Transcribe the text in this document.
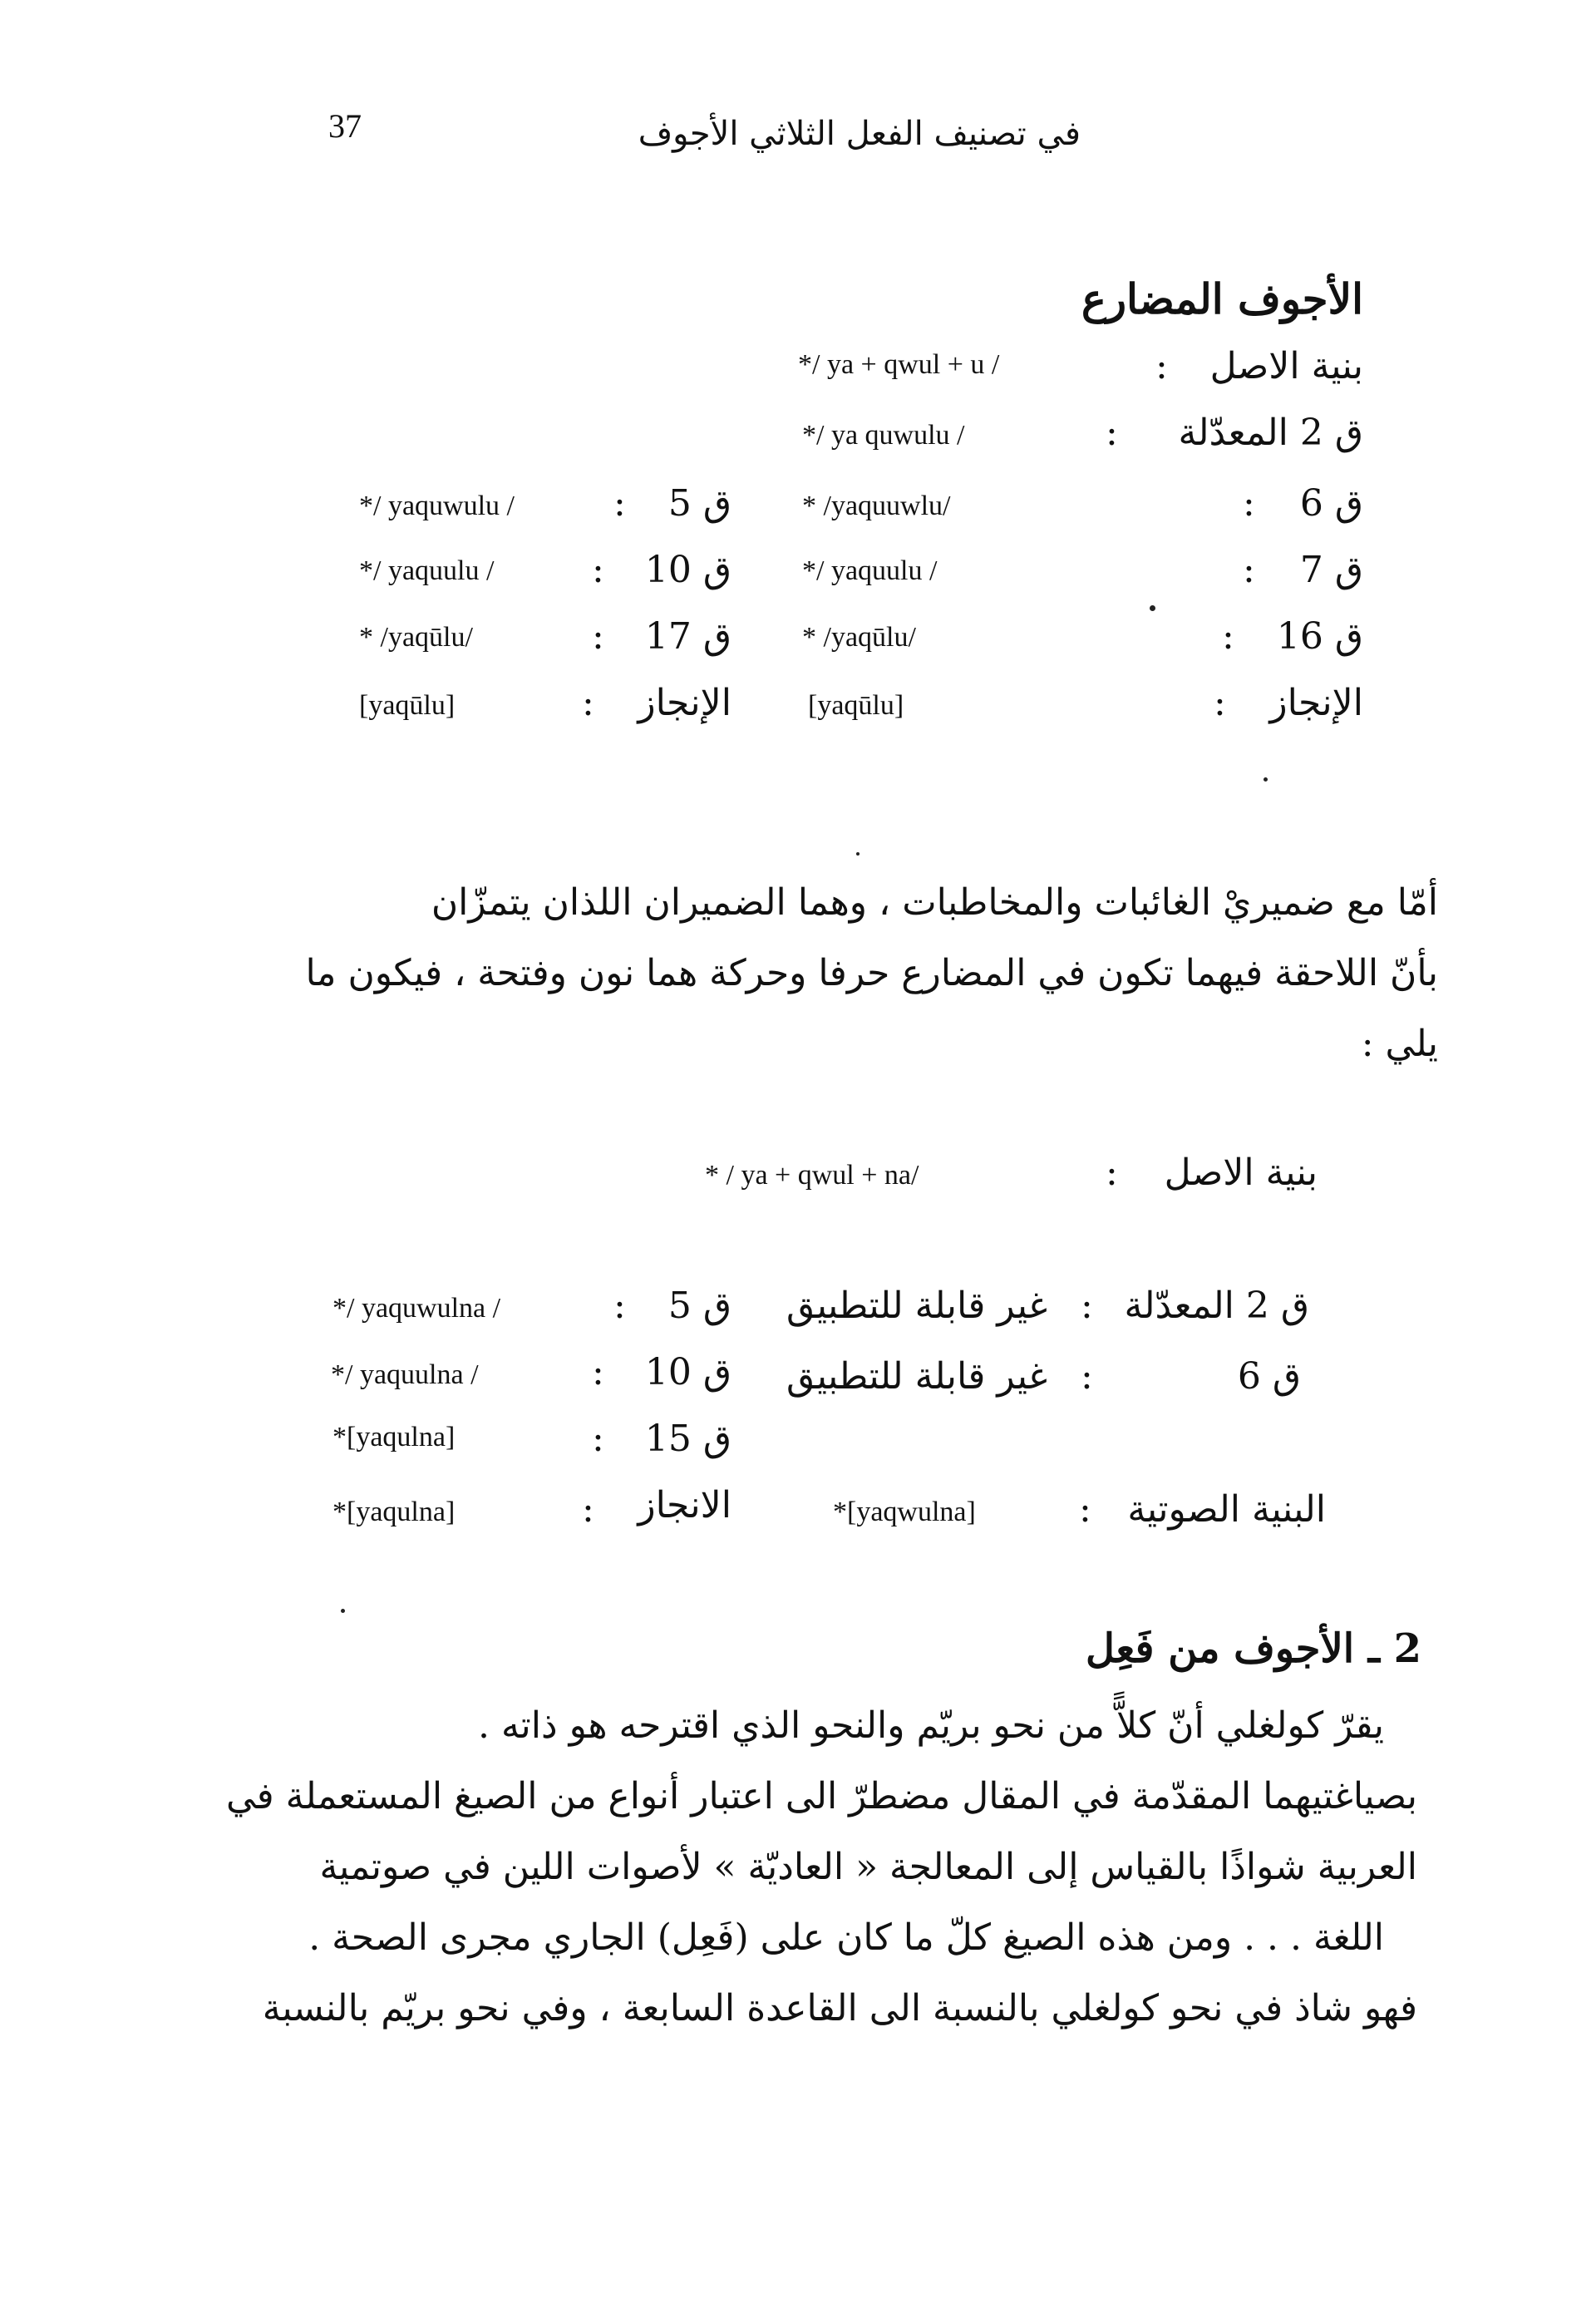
37	في تصنيف الفعل الثلاثي الأجوف
الأجوف المضارع
بنية الاصل
:
*/ ya + qwul + u /
ق 2 المعدّلة
:
*/ ya quwulu /
ق 6
:
* /yaquuwlu/
ق 7
:
*/ yaquulu /
ق 16
:
* /yaqūlu/
الإنجاز
:
[yaqūlu]
ق 5
:
*/ yaquwulu /
ق 10
:
*/ yaquulu /
ق 17
:
* /yaqūlu/
الإنجاز
:
[yaqūlu]
أمّا مع ضميريْ الغائبات والمخاطبات ، وهما الضميران اللذان يتمزّان
بأنّ اللاحقة فيهما تكون في المضارع حرفا وحركة هما نون وفتحة ، فيكون ما
يلي :
بنية الاصل
:
* / ya + qwul + na/
ق 2 المعدّلة
:
غير قابلة للتطبيق
ق 6
:
غير قابلة للتطبيق
البنية الصوتية
:
*[yaqwulna]
ق 5
:
*/ yaquwulna /
ق 10
:
*/ yaquulna /
ق 15
:
*[yaqulna]
الانجاز
:
*[yaqulna]
2 ـ الأجوف من فَعِل
يقرّ كولغلي أنّ كلاًّ من نحو بريّم والنحو الذي اقترحه هو ذاته .
بصياغتيهما المقدّمة في المقال مضطرّ الى اعتبار أنواع من الصيغ المستعملة في
العربية شواذًا بالقياس إلى المعالجة « العاديّة » لأصوات اللين في صوتمية
اللغة . . . ومن هذه الصيغ كلّ ما كان على (فَعِل) الجاري مجرى الصحة .
فهو شاذ في نحو كولغلي بالنسبة الى القاعدة السابعة ، وفي نحو بريّم بالنسبة
